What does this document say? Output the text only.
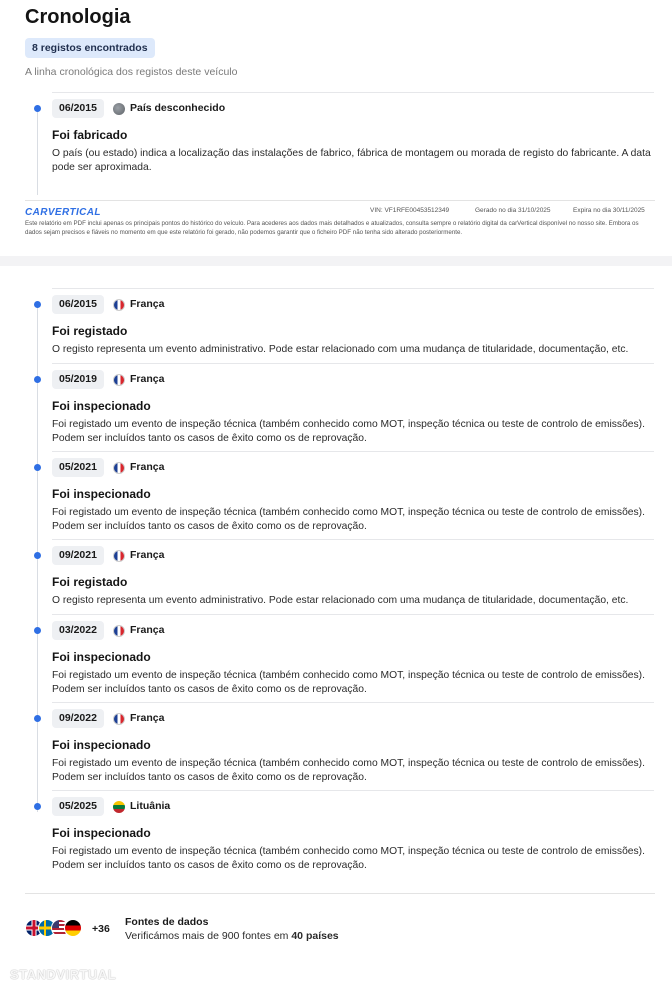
Cronologia
8 registos encontrados
A linha cronológica dos registos deste veículo
06/2015	País desconhecido
Foi fabricado
O país (ou estado) indica a localização das instalações de fabrico, fábrica de montagem ou morada de registo do fabricante. A data pode ser aproximada.
CARVERTICAL	VIN: VF1RFE00453512349	Gerado no dia 31/10/2025	Expira no dia 30/11/2025
Este relatório em PDF inclui apenas os principais pontos do histórico do veículo. Para acederes aos dados mais detalhados e atualizados, consulta sempre o relatório digital da carVertical disponível no nosso site. Embora os dados sejam precisos e fiáveis no momento em que este relatório foi gerado, não podemos garantir que o ficheiro PDF não tenha sido alterado posteriormente.
06/2015	França
Foi registado
O registo representa um evento administrativo. Pode estar relacionado com uma mudança de titularidade, documentação, etc.
05/2019	França
Foi inspecionado
Foi registado um evento de inspeção técnica (também conhecido como MOT, inspeção técnica ou teste de controlo de emissões). Podem ser incluídos tanto os casos de êxito como os de reprovação.
05/2021	França
Foi inspecionado
Foi registado um evento de inspeção técnica (também conhecido como MOT, inspeção técnica ou teste de controlo de emissões). Podem ser incluídos tanto os casos de êxito como os de reprovação.
09/2021	França
Foi registado
O registo representa um evento administrativo. Pode estar relacionado com uma mudança de titularidade, documentação, etc.
03/2022	França
Foi inspecionado
Foi registado um evento de inspeção técnica (também conhecido como MOT, inspeção técnica ou teste de controlo de emissões). Podem ser incluídos tanto os casos de êxito como os de reprovação.
09/2022	França
Foi inspecionado
Foi registado um evento de inspeção técnica (também conhecido como MOT, inspeção técnica ou teste de controlo de emissões). Podem ser incluídos tanto os casos de êxito como os de reprovação.
05/2025	Lituânia
Foi inspecionado
Foi registado um evento de inspeção técnica (também conhecido como MOT, inspeção técnica ou teste de controlo de emissões). Podem ser incluídos tanto os casos de êxito como os de reprovação.
+36
Fontes de dados
Verificámos mais de 900 fontes em 40 países
STANDVIRTUAL
